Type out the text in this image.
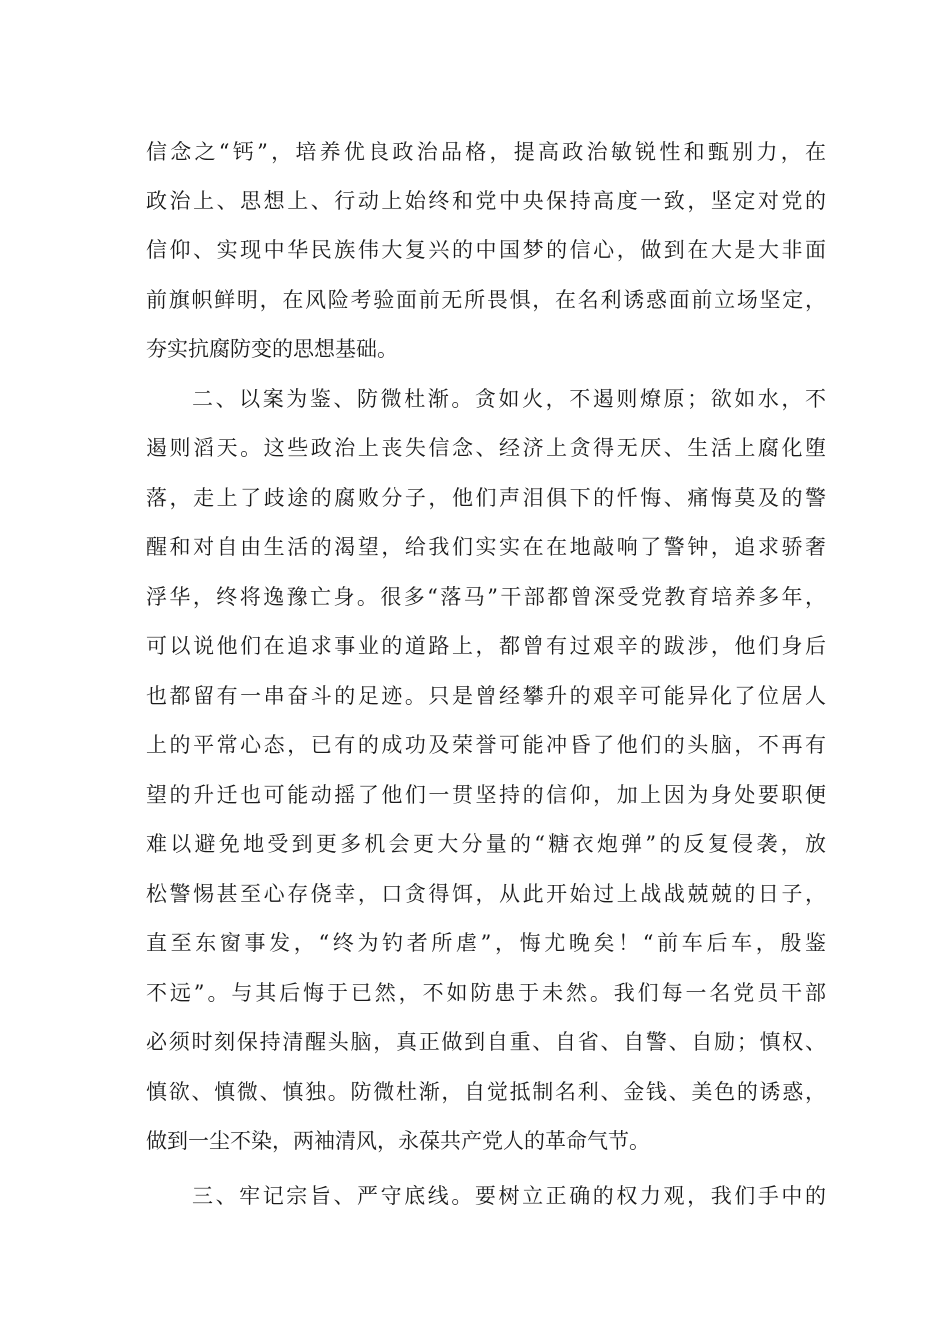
信念之“钙”，培养优良政治品格，提高政治敏锐性和甄别力，在
政治上、思想上、行动上始终和党中央保持高度一致，坚定对党的
信仰、实现中华民族伟大复兴的中国梦的信心，做到在大是大非面
前旗帜鲜明，在风险考验面前无所畏惧，在名利诱惑面前立场坚定，
夯实抗腐防变的思想基础。
二、以案为鉴、防微杜渐。贪如火，不遏则燎原；欲如水，不
遏则滔天。这些政治上丧失信念、经济上贪得无厌、生活上腐化堕
落，走上了歧途的腐败分子，他们声泪俱下的忏悔、痛悔莫及的警
醒和对自由生活的渴望，给我们实实在在地敲响了警钟，追求骄奢
浮华，终将逸豫亡身。很多“落马”干部都曾深受党教育培养多年，
可以说他们在追求事业的道路上，都曾有过艰辛的跋涉，他们身后
也都留有一串奋斗的足迹。只是曾经攀升的艰辛可能异化了位居人
上的平常心态，已有的成功及荣誉可能冲昏了他们的头脑，不再有
望的升迁也可能动摇了他们一贯坚持的信仰，加上因为身处要职便
难以避免地受到更多机会更大分量的“糖衣炮弹”的反复侵袭，放
松警惕甚至心存侥幸，口贪得饵，从此开始过上战战兢兢的日子，
直至东窗事发，“终为钓者所虐”，悔尤晚矣！“前车后车，殷鉴
不远”。与其后悔于已然，不如防患于未然。我们每一名党员干部
必须时刻保持清醒头脑，真正做到自重、自省、自警、自励；慎权、
慎欲、慎微、慎独。防微杜渐，自觉抵制名利、金钱、美色的诱惑，
做到一尘不染，两袖清风，永葆共产党人的革命气节。
三、牢记宗旨、严守底线。要树立正确的权力观，我们手中的
